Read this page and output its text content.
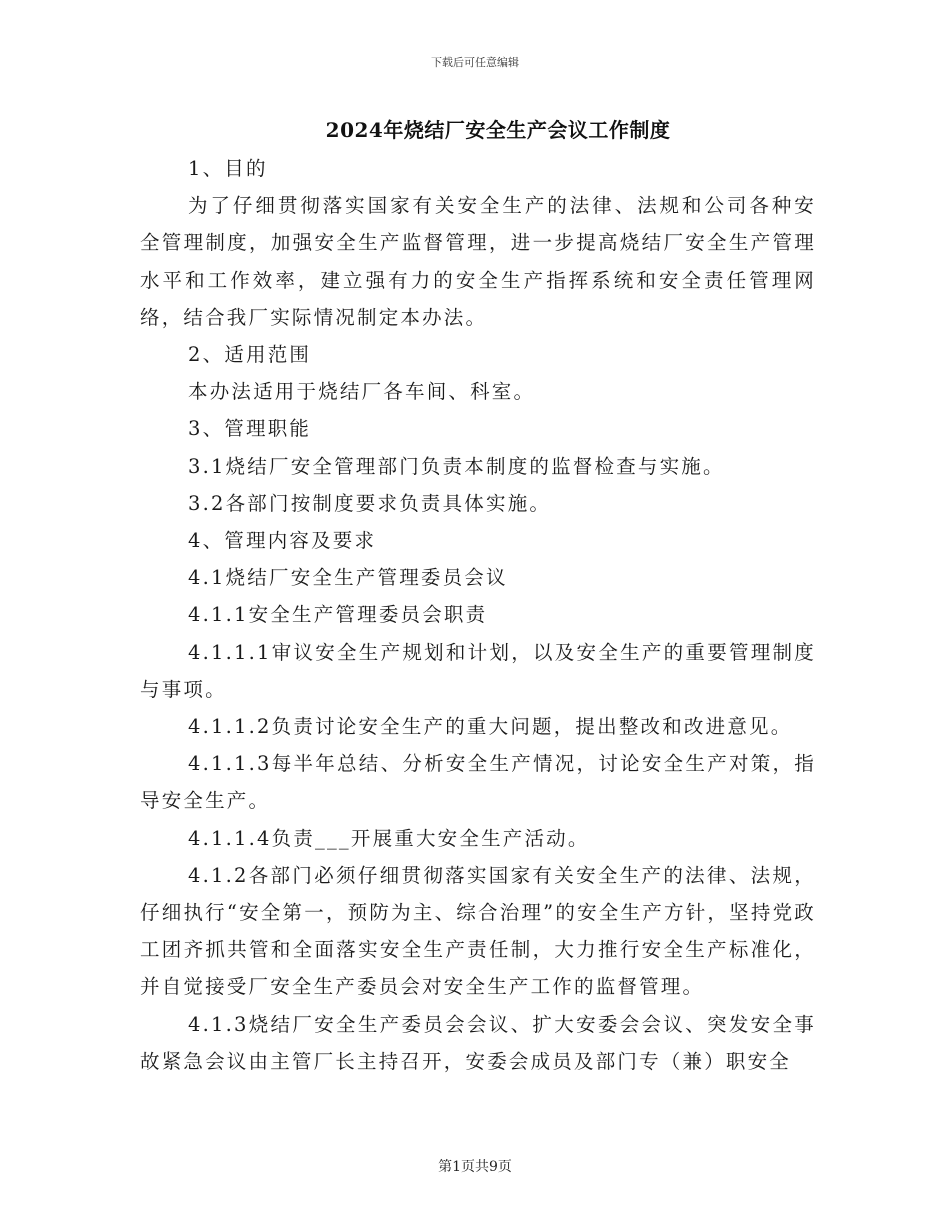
下载后可任意编辑
2024年烧结厂安全生产会议工作制度

1、目的

为了仔细贯彻落实国家有关安全生产的法律、法规和公司各种安全管理制度，加强安全生产监督管理，进一步提高烧结厂安全生产管理水平和工作效率，建立强有力的安全生产指挥系统和安全责任管理网络，结合我厂实际情况制定本办法。

2、适用范围

本办法适用于烧结厂各车间、科室。

3、管理职能

3.1烧结厂安全管理部门负责本制度的监督检查与实施。

3.2各部门按制度要求负责具体实施。

4、管理内容及要求

4.1烧结厂安全生产管理委员会议

4.1.1安全生产管理委员会职责

4.1.1.1审议安全生产规划和计划，以及安全生产的重要管理制度与事项。

4.1.1.2负责讨论安全生产的重大问题，提出整改和改进意见。

4.1.1.3每半年总结、分析安全生产情况，讨论安全生产对策，指导安全生产。

4.1.1.4负责___开展重大安全生产活动。

4.1.2各部门必须仔细贯彻落实国家有关安全生产的法律、法规，仔细执行“安全第一，预防为主、综合治理”的安全生产方针，坚持党政工团齐抓共管和全面落实安全生产责任制，大力推行安全生产标准化，并自觉接受厂安全生产委员会对安全生产工作的监督管理。

4.1.3烧结厂安全生产委员会会议、扩大安委会会议、突发安全事故紧急会议由主管厂长主持召开，安委会成员及部门专（兼）职安全

第1页共9页
